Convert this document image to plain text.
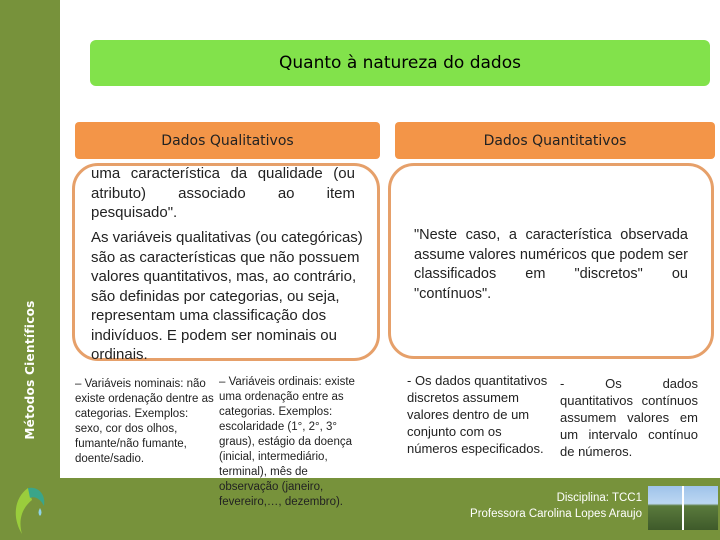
Métodos Científicos
Quanto à natureza do dados
Dados Qualitativos	Dados Quantitativos
uma característica da qualidade (ou atributo) associado ao item pesquisado".
As variáveis qualitativas (ou categóricas) são as características que não possuem valores quantitativos, mas, ao contrário, são definidas por categorias, ou seja, representam uma classificação dos indivíduos. E podem ser nominais ou ordinais.
– Variáveis nominais: não existe ordenação dentre as categorias. Exemplos: sexo, cor dos olhos, fumante/não fumante, doente/sadio.
– Variáveis ordinais: existe uma ordenação entre as categorias. Exemplos: escolaridade (1°, 2°, 3° graus), estágio da doença (inicial, intermediário, terminal), mês de observação (janeiro, fevereiro,…, dezembro).
"Neste caso, a característica observada assume valores numéricos que podem ser classificados em "discretos" ou "contínuos".
- Os dados quantitativos discretos assumem valores dentro de um conjunto com os números especificados.
- Os dados quantitativos contínuos assumem valores em um intervalo contínuo de números.
Disciplina: TCC1
Professora Carolina Lopes Araujo
